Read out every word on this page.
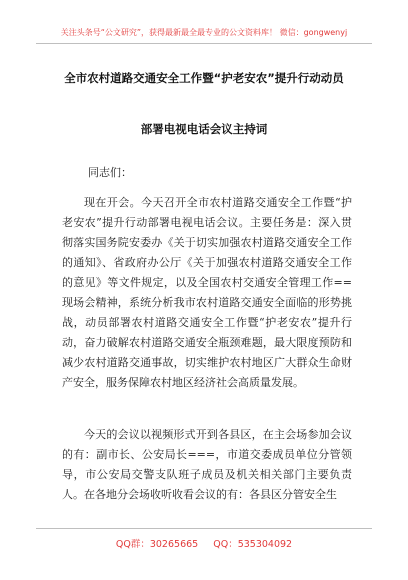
关注头条号“公文研究”，获得最新最全最专业的公文资料库！ 微信：gongwenyj
全市农村道路交通安全工作暨“护老安农”提升行动动员
部署电视电话会议主持词
同志们：
现在开会。今天召开全市农村道路交通安全工作暨“护老安农”提升行动部署电视电话会议。主要任务是：深入贯彻落实国务院安委办《关于切实加强农村道路交通安全工作的通知》、省政府办公厅《关于加强农村道路交通安全工作的意见》等文件规定，以及全国农村交通安全管理工作==现场会精神，系统分析我市农村道路交通安全面临的形势挑战，动员部署农村道路交通安全工作暨“护老安农”提升行动，奋力破解农村道路交通安全瓶颈难题，最大限度预防和减少农村道路交通事故，切实维护农村地区广大群众生命财产安全，服务保障农村地区经济社会高质量发展。
今天的会议以视频形式开到各县区，在主会场参加会议的有：副市长、公安局长===，市道交委成员单位分管领导，市公安局交警支队班子成员及机关相关部门主要负责人。在各地分会场收听收看会议的有：各县区分管安全生
QQ群：30265665 QQ：535304092
